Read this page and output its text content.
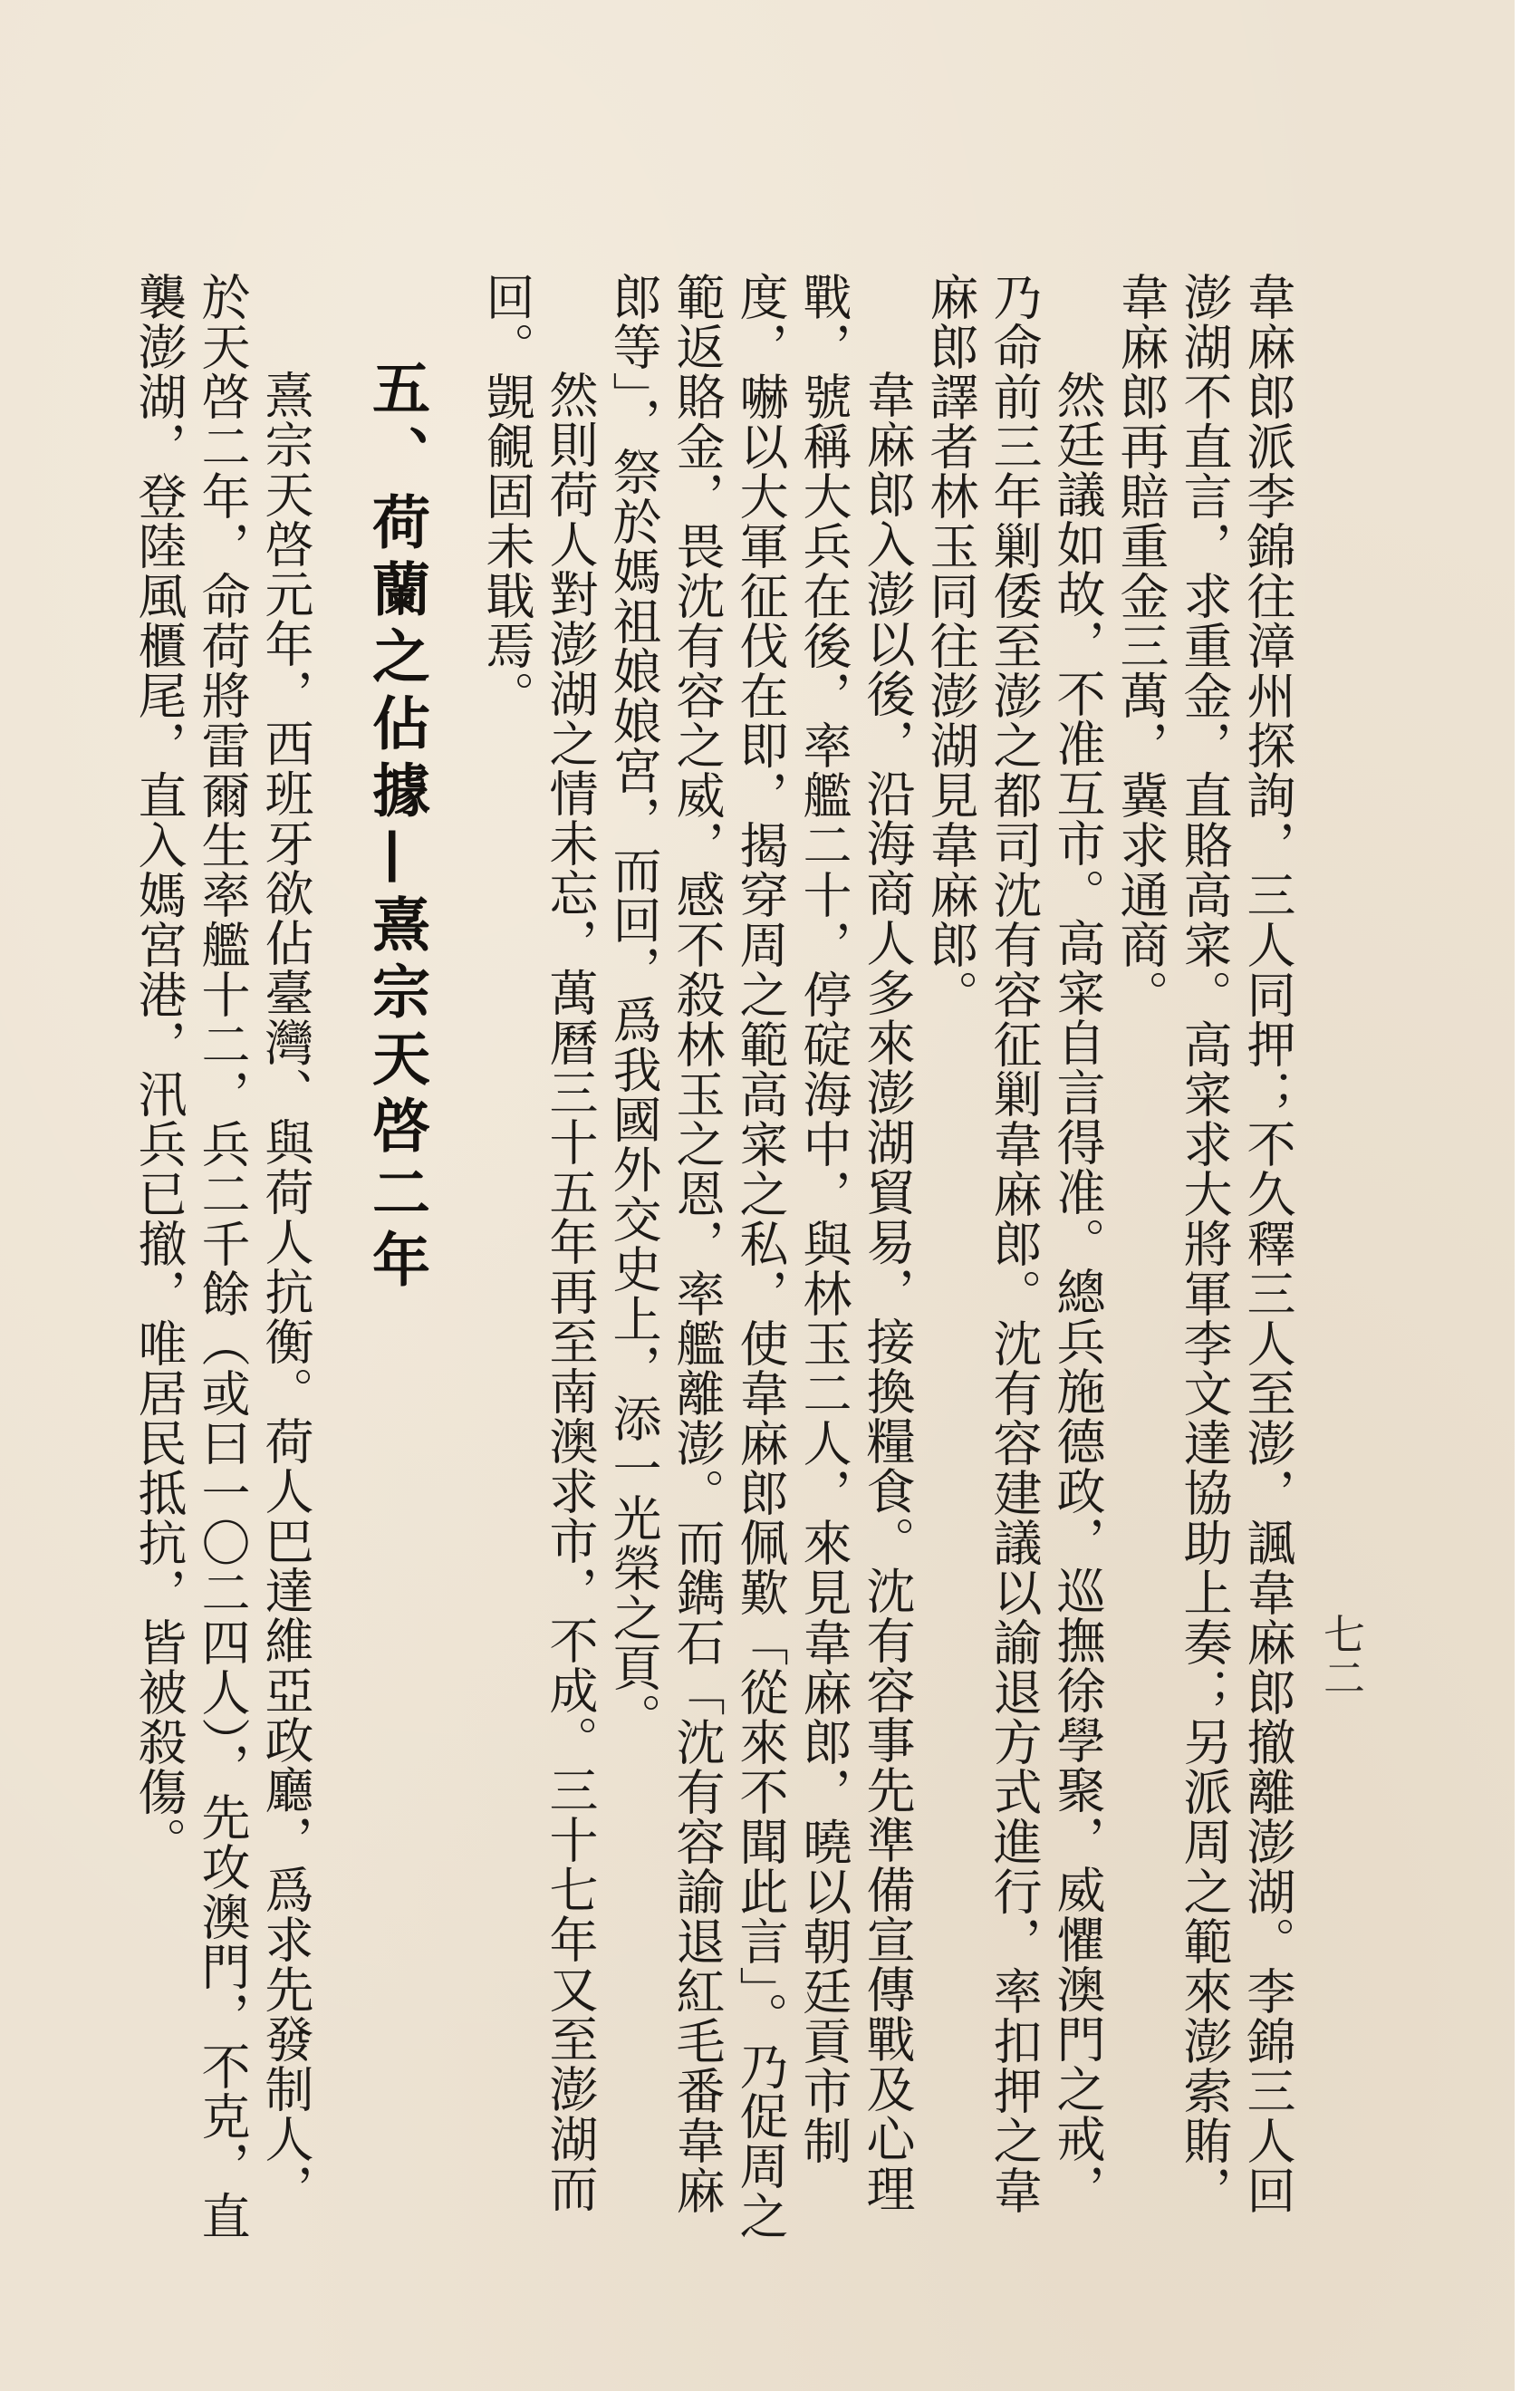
七二

韋麻郎派李錦往漳州探詢，三人同押；不久釋三人至澎，諷韋麻郎撤離澎湖。李錦三人回澎湖不直言，求重金，直賂高寀。高寀求大將軍李文達協助上奏；另派周之範來澎索賄，韋麻郎再賠重金三萬，冀求通商。

然廷議如故，不准互市。高寀自言得准。總兵施德政，巡撫徐學聚，威懼澳門之戒，乃命前三年剿倭至澎之都司沈有容征剿韋麻郎。沈有容建議以諭退方式進行，率扣押之韋麻郎譯者林玉同往澎湖見韋麻郎。

韋麻郎入澎以後，沿海商人多來澎湖貿易，接換糧食。沈有容事先準備宣傳戰及心理戰，號稱大兵在後，率艦二十，停碇海中，與林玉二人，來見韋麻郎，曉以朝廷貢市制度，嚇以大軍征伐在即，揭穿周之範高寀之私，使韋麻郎佩歎「從來不聞此言」。乃促周之範返賂金，畏沈有容之威，感不殺林玉之恩，率艦離澎。而鐫石「沈有容諭退紅毛番韋麻郎等」，祭於媽祖娘娘宮，而回，爲我國外交史上，添一光榮之頁。

然則荷人對澎湖之情未忘，萬曆三十五年再至南澳求市，不成。三十七年又至澎湖而回。覬覦固未戢焉。

五、荷蘭之佔據—熹宗天啓二年

熹宗天啓元年，西班牙欲佔臺灣、與荷人抗衡。荷人巴達維亞政廳，爲求先發制人，於天啓二年，命荷將雷爾生率艦十二，兵二千餘（或曰一〇二四人），先攻澳門，不克，直襲澎湖，登陸風櫃尾，直入媽宮港，汛兵已撤，唯居民抵抗，皆被殺傷。
